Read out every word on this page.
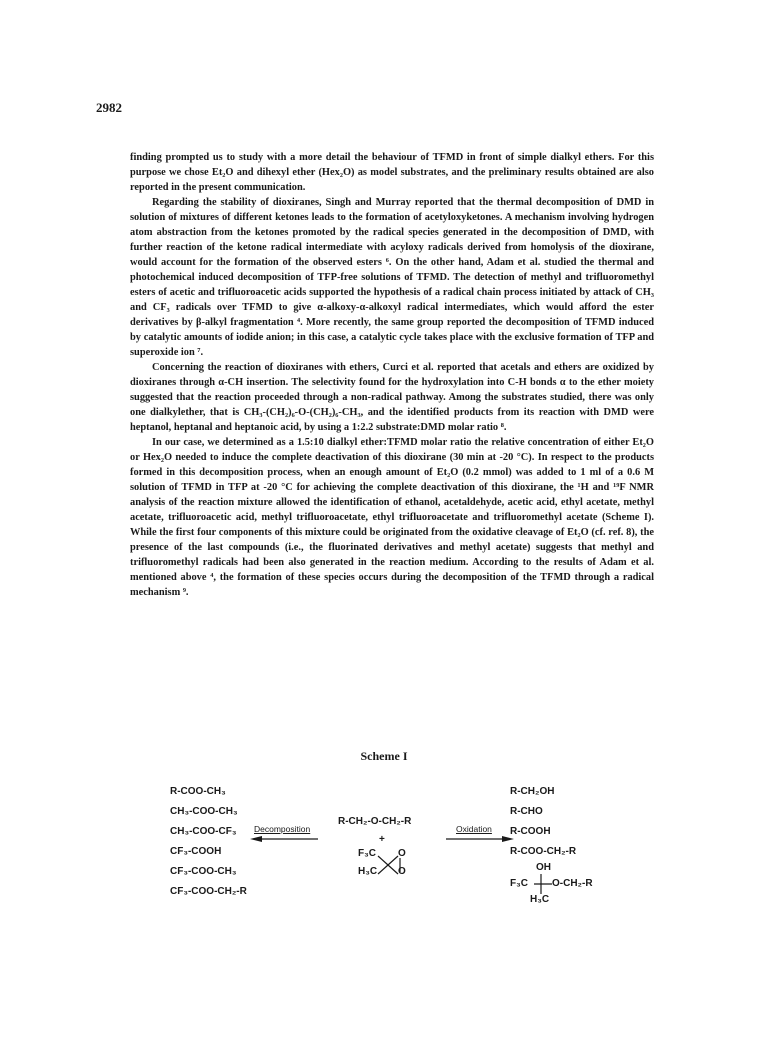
2982

finding prompted us to study with a more detail the behaviour of TFMD in front of simple dialkyl ethers. For this purpose we chose Et₂O and dihexyl ether (Hex₂O) as model substrates, and the preliminary results obtained are also reported in the present communication.

Regarding the stability of dioxiranes, Singh and Murray reported that the thermal decomposition of DMD in solution of mixtures of different ketones leads to the formation of acetyloxyketones. A mechanism involving hydrogen atom abstraction from the ketones promoted by the radical species generated in the decomposition of DMD, with further reaction of the ketone radical intermediate with acyloxy radicals derived from homolysis of the dioxirane, would account for the formation of the observed esters ⁶. On the other hand, Adam et al. studied the thermal and photochemical induced decomposition of TFP-free solutions of TFMD. The detection of methyl and trifluoromethyl esters of acetic and trifluoroacetic acids supported the hypothesis of a radical chain process initiated by attack of CH₃ and CF₃ radicals over TFMD to give α-alkoxy-α-alkoxyl radical intermediates, which would afford the ester derivatives by β-alkyl fragmentation ⁴. More recently, the same group reported the decomposition of TFMD induced by catalytic amounts of iodide anion; in this case, a catalytic cycle takes place with the exclusive formation of TFP and superoxide ion ⁷.

Concerning the reaction of dioxiranes with ethers, Curci et al. reported that acetals and ethers are oxidized by dioxiranes through α-CH insertion. The selectivity found for the hydroxylation into C-H bonds α to the ether moiety suggested that the reaction proceeded through a non-radical pathway. Among the substrates studied, there was only one dialkylether, that is CH₃-(CH₂)₆-O-(CH₂)₆-CH₃, and the identified products from its reaction with DMD were heptanol, heptanal and heptanoic acid, by using a 1:2.2 substrate:DMD molar ratio ⁸.

In our case, we determined as a 1.5:10 dialkyl ether:TFMD molar ratio the relative concentration of either Et₂O or Hex₂O needed to induce the complete deactivation of this dioxirane (30 min at -20 °C). In respect to the products formed in this decomposition process, when an enough amount of Et₂O (0.2 mmol) was added to 1 ml of a 0.6 M solution of TFMD in TFP at -20 °C for achieving the complete deactivation of this dioxirane, the ¹H and ¹⁹F NMR analysis of the reaction mixture allowed the identification of ethanol, acetaldehyde, acetic acid, ethyl acetate, methyl acetate, trifluoroacetic acid, methyl trifluoroacetate, ethyl trifluoroacetate and trifluoromethyl acetate (Scheme I). While the first four components of this mixture could be originated from the oxidative cleavage of Et₂O (cf. ref. 8), the presence of the last compounds (i.e., the fluorinated derivatives and methyl acetate) suggests that methyl and trifluoromethyl radicals had been also generated in the reaction medium. According to the results of Adam et al. mentioned above ⁴, the formation of these species occurs during the decomposition of the TFMD through a radical mechanism ⁹.

Scheme I
R-COO-CH₃
CH₃-COO-CH₃
CH₃-COO-CF₃
CF₃-COOH
CF₃-COO-CH₃
CF₃-COO-CH₂-R
R-CH₂-O-CH₂-R
+
Decomposition	Oxidation
F₃C
H₃C
O
O
R-CH₂OH
R-CHO
R-COOH
R-COO-CH₂-R
OH
F₃C O-CH₂-R
H₃C
